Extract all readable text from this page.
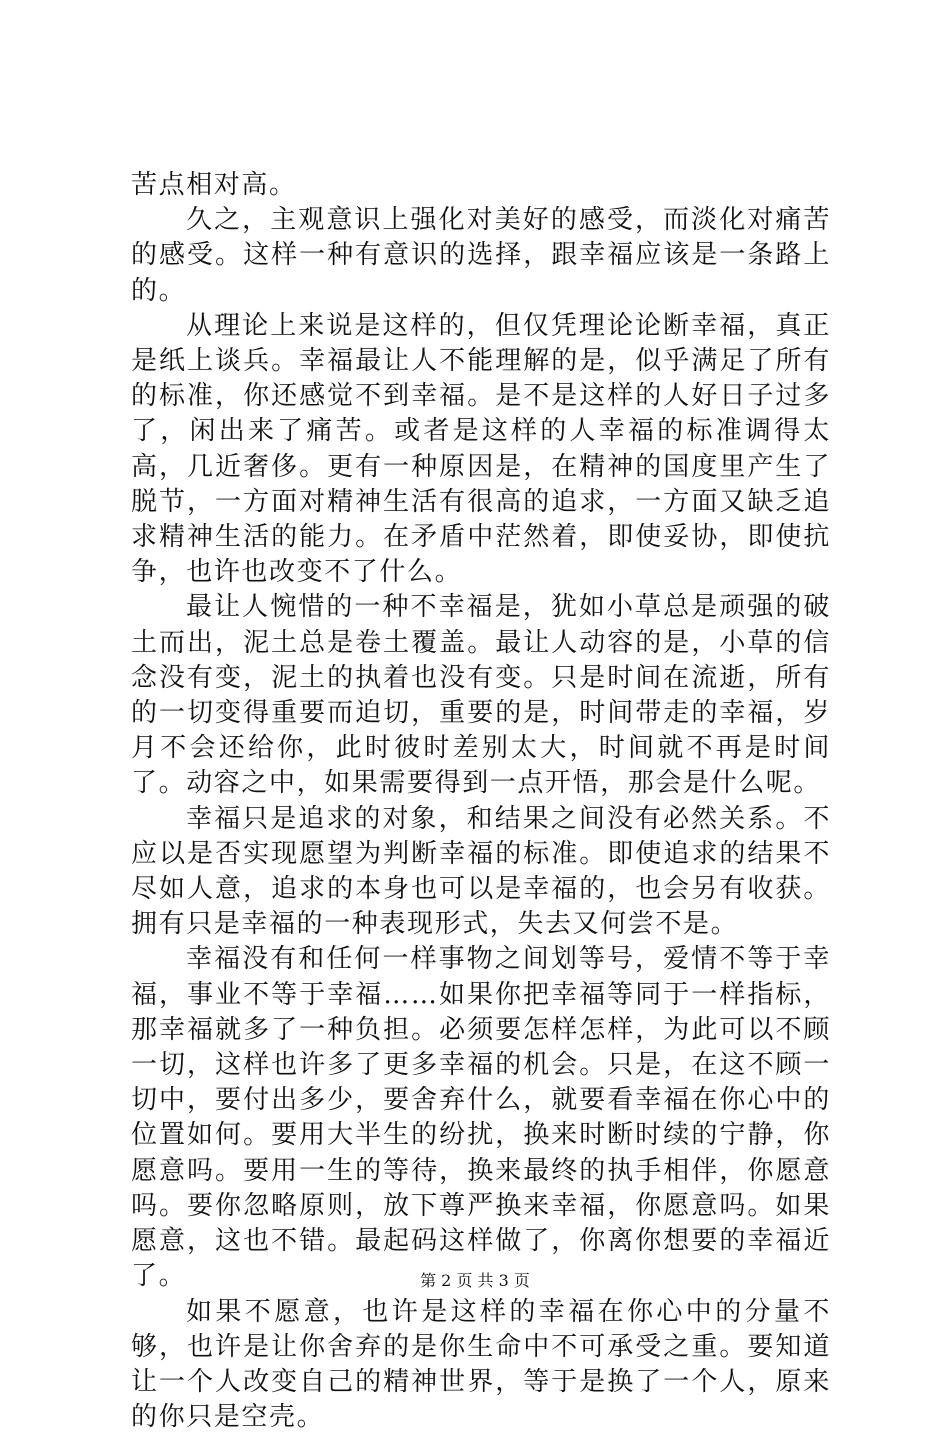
苦点相对高。

久之，主观意识上强化对美好的感受，而淡化对痛苦的感受。这样一种有意识的选择，跟幸福应该是一条路上的。

从理论上来说是这样的，但仅凭理论论断幸福，真正是纸上谈兵。幸福最让人不能理解的是，似乎满足了所有的标准，你还感觉不到幸福。是不是这样的人好日子过多了，闲出来了痛苦。或者是这样的人幸福的标准调得太高，几近奢侈。更有一种原因是，在精神的国度里产生了脱节，一方面对精神生活有很高的追求，一方面又缺乏追求精神生活的能力。在矛盾中茫然着，即使妥协，即使抗争，也许也改变不了什么。

最让人惋惜的一种不幸福是，犹如小草总是顽强的破土而出，泥土总是卷土覆盖。最让人动容的是，小草的信念没有变，泥土的执着也没有变。只是时间在流逝，所有的一切变得重要而迫切，重要的是，时间带走的幸福，岁月不会还给你，此时彼时差别太大，时间就不再是时间了。动容之中，如果需要得到一点开悟，那会是什么呢。

幸福只是追求的对象，和结果之间没有必然关系。不应以是否实现愿望为判断幸福的标准。即使追求的结果不尽如人意，追求的本身也可以是幸福的，也会另有收获。拥有只是幸福的一种表现形式，失去又何尝不是。

幸福没有和任何一样事物之间划等号，爱情不等于幸福，事业不等于幸福……如果你把幸福等同于一样指标，那幸福就多了一种负担。必须要怎样怎样，为此可以不顾一切，这样也许多了更多幸福的机会。只是，在这不顾一切中，要付出多少，要舍弃什么，就要看幸福在你心中的位置如何。要用大半生的纷扰，换来时断时续的宁静，你愿意吗。要用一生的等待，换来最终的执手相伴，你愿意吗。要你忽略原则，放下尊严换来幸福，你愿意吗。如果愿意，这也不错。最起码这样做了，你离你想要的幸福近了。

如果不愿意，也许是这样的幸福在你心中的分量不够，也许是让你舍弃的是你生命中不可承受之重。要知道让一个人改变自己的精神世界，等于是换了一个人，原来的你只是空壳。

第 2 页 共 3 页
